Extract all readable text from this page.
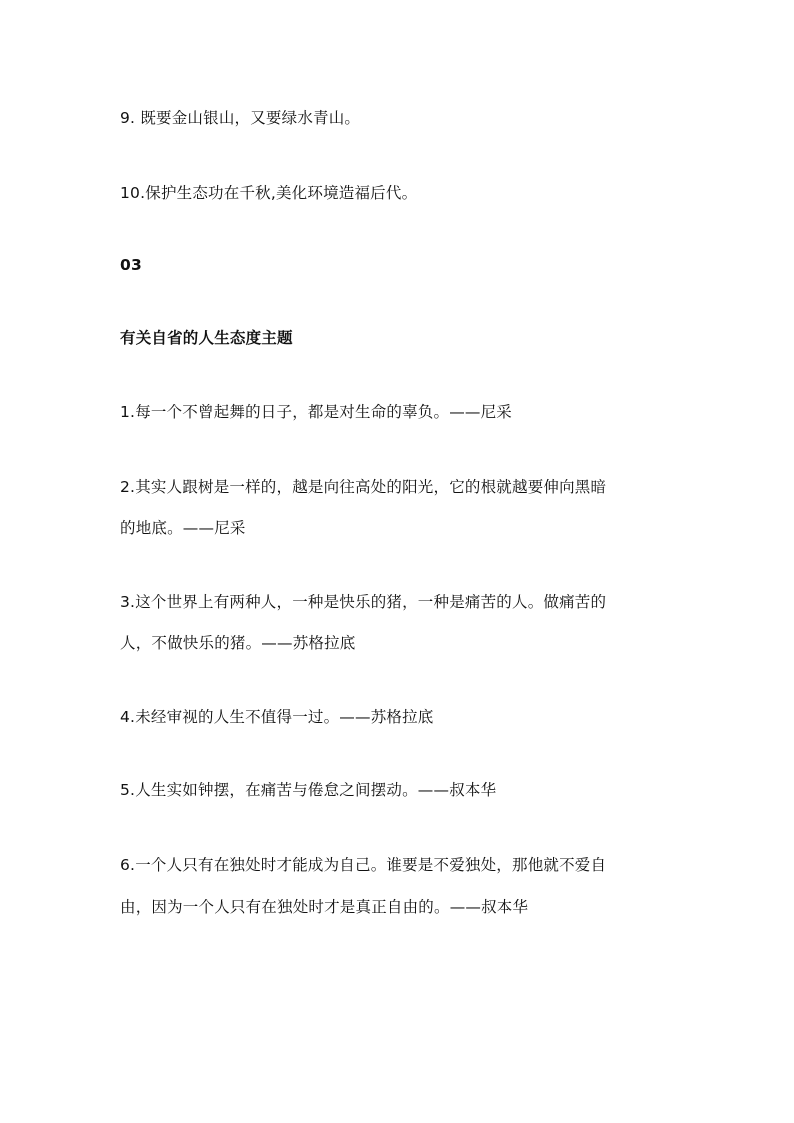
9. 既要金山银山，又要绿水青山。
10.保护生态功在千秋,美化环境造福后代。
03
有关自省的人生态度主题
1.每一个不曾起舞的日子，都是对生命的辜负。——尼采
2.其实人跟树是一样的，越是向往高处的阳光，它的根就越要伸向黑暗
的地底。——尼采
3.这个世界上有两种人，一种是快乐的猪，一种是痛苦的人。做痛苦的
人，不做快乐的猪。——苏格拉底
4.未经审视的人生不值得一过。——苏格拉底
5.人生实如钟摆，在痛苦与倦怠之间摆动。——叔本华
6.一个人只有在独处时才能成为自己。谁要是不爱独处，那他就不爱自
由，因为一个人只有在独处时才是真正自由的。——叔本华
